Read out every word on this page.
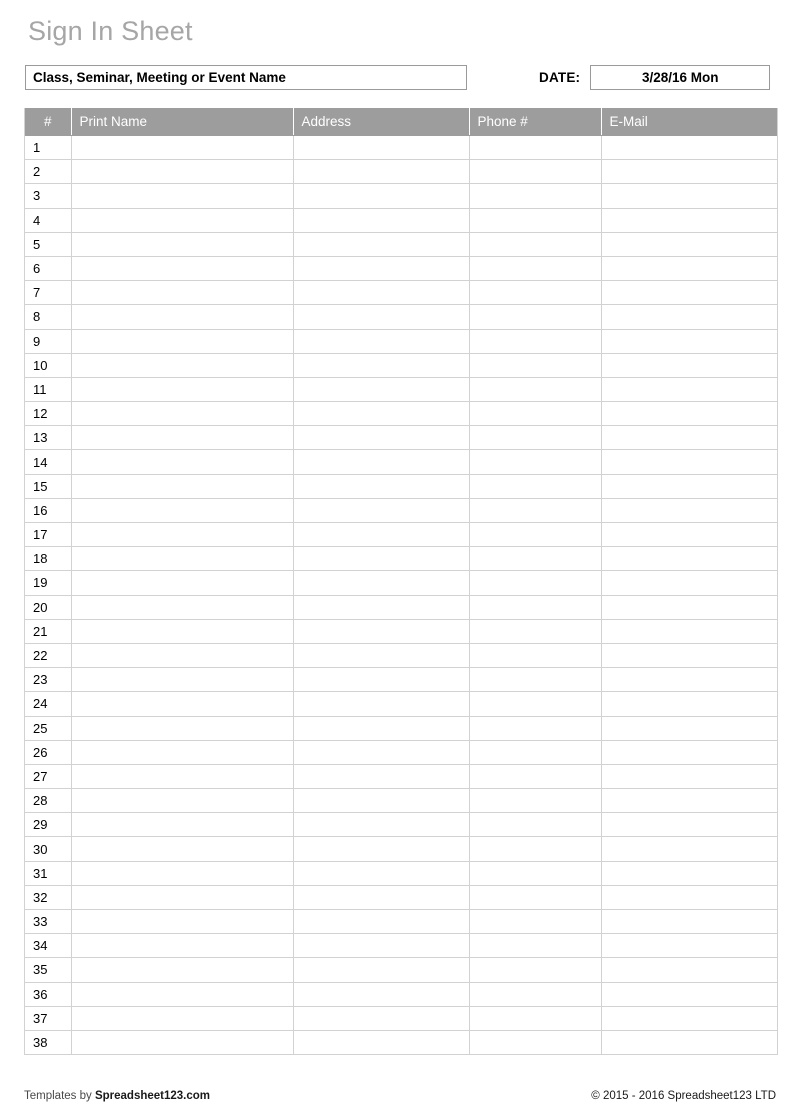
Sign In Sheet
Class, Seminar, Meeting or Event Name	DATE:	3/28/16 Mon
#	Print Name	Address	Phone #	E-Mail
1				
2				
3				
4				
5				
6				
7				
8				
9				
10				
11				
12				
13				
14				
15				
16				
17				
18				
19				
20				
21				
22				
23				
24				
25				
26				
27				
28				
29				
30				
31				
32				
33				
34				
35				
36				
37				
38				
Templates by Spreadsheet123.com	© 2015 - 2016 Spreadsheet123 LTD
